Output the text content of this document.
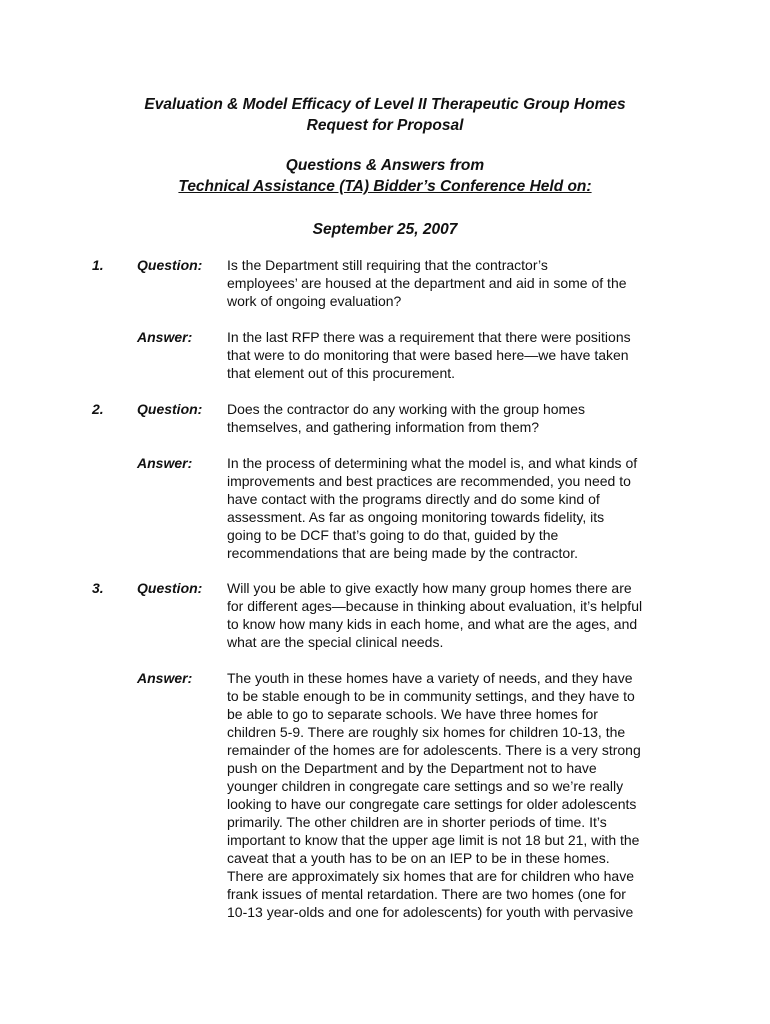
Evaluation & Model Efficacy of Level II Therapeutic Group Homes
Request for Proposal
Questions & Answers from
Technical Assistance (TA) Bidder’s Conference Held on:
September 25, 2007
1. Question: Is the Department still requiring that the contractor’s
employees’ are housed at the department and aid in some of the
work of ongoing evaluation?
Answer: In the last RFP there was a requirement that there were positions
that were to do monitoring that were based here—we have taken
that element out of this procurement.
2. Question: Does the contractor do any working with the group homes
themselves, and gathering information from them?
Answer: In the process of determining what the model is, and what kinds of
improvements and best practices are recommended, you need to
have contact with the programs directly and do some kind of
assessment. As far as ongoing monitoring towards fidelity, its
going to be DCF that’s going to do that, guided by the
recommendations that are being made by the contractor.
3. Question: Will you be able to give exactly how many group homes there are
for different ages—because in thinking about evaluation, it’s helpful
to know how many kids in each home, and what are the ages, and
what are the special clinical needs.
Answer: The youth in these homes have a variety of needs, and they have
to be stable enough to be in community settings, and they have to
be able to go to separate schools. We have three homes for
children 5-9. There are roughly six homes for children 10-13, the
remainder of the homes are for adolescents. There is a very strong
push on the Department and by the Department not to have
younger children in congregate care settings and so we’re really
looking to have our congregate care settings for older adolescents
primarily. The other children are in shorter periods of time. It’s
important to know that the upper age limit is not 18 but 21, with the
caveat that a youth has to be on an IEP to be in these homes.
There are approximately six homes that are for children who have
frank issues of mental retardation. There are two homes (one for
10-13 year-olds and one for adolescents) for youth with pervasive
